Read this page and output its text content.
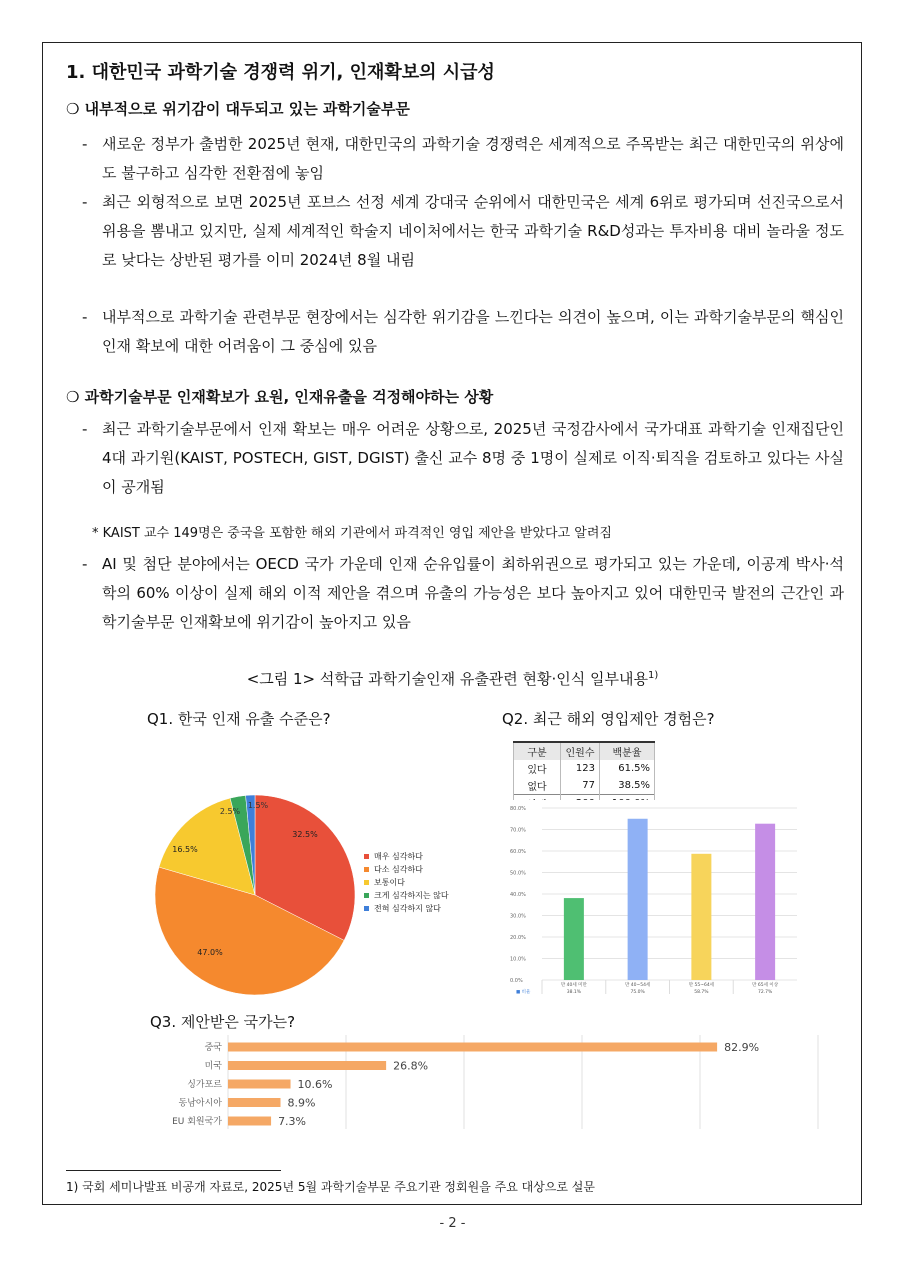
1. 대한민국 과학기술 경쟁력 위기, 인재확보의 시급성
❍ 내부적으로 위기감이 대두되고 있는 과학기술부문
- 새로운 정부가 출범한 2025년 현재, 대한민국의 과학기술 경쟁력은 세계적으로 주목받는 최근 대한민국의 위상에도 불구하고 심각한 전환점에 놓임
- 최근 외형적으로 보면 2025년 포브스 선정 세계 강대국 순위에서 대한민국은 세계 6위로 평가되며 선진국으로서 위용을 뽐내고 있지만, 실제 세계적인 학술지 네이처에서는 한국 과학기술 R&D성과는 투자비용 대비 놀라울 정도로 낮다는 상반된 평가를 이미 2024년 8월 내림
- 내부적으로 과학기술 관련부문 현장에서는 심각한 위기감을 느낀다는 의견이 높으며, 이는 과학기술부문의 핵심인 인재 확보에 대한 어려움이 그 중심에 있음
❍ 과학기술부문 인재확보가 요원, 인재유출을 걱정해야하는 상황
- 최근 과학기술부문에서 인재 확보는 매우 어려운 상황으로, 2025년 국정감사에서 국가대표 과학기술 인재집단인 4대 과기원(KAIST, POSTECH, GIST, DGIST) 출신 교수 8명 중 1명이 실제로 이직·퇴직을 검토하고 있다는 사실이 공개됨
* KAIST 교수 149명은 중국을 포함한 해외 기관에서 파격적인 영입 제안을 받았다고 알려짐
- AI 및 첨단 분야에서는 OECD 국가 가운데 인재 순유입률이 최하위권으로 평가되고 있는 가운데, 이공계 박사·석학의 60% 이상이 실제 해외 이적 제안을 겪으며 유출의 가능성은 보다 높아지고 있어 대한민국 발전의 근간인 과학기술부문 인재확보에 위기감이 높아지고 있음
<그림 1> 석학급 과학기술인재 유출관련 현황·인식 일부내용$^{1)}$
Q1. 한국 인재 유출 수준은?	Q2. 최근 해외 영입제안 경험은?
Q3. 제안받은 국가는?
구분	인원수	백분율
있다	123	61.5%
없다	77	38.5%

32.5%
47.0%
16.5%
2.5%
1.5%
매우 심각하다
다소 심각하다
보통이다
크게 심각하지는 않다
전혀 심각하지 않다
0.0%
10.0%
20.0%
30.0%
40.0%
50.0%
60.0%
70.0%
80.0%
만 40세 미만
38.1%
만 40~54세
75.0%
만 55~64세
58.7%
만 65세 이상
72.7%
■ 비율
중국	82.9%
미국	26.8%
싱가포르	10.6%
동남아시아	8.9%
EU 회원국가	7.3%
1) 국회 세미나발표 비공개 자료로, 2025년 5월 과학기술부문 주요기관 정회원을 주요 대상으로 설문
- 2 -
